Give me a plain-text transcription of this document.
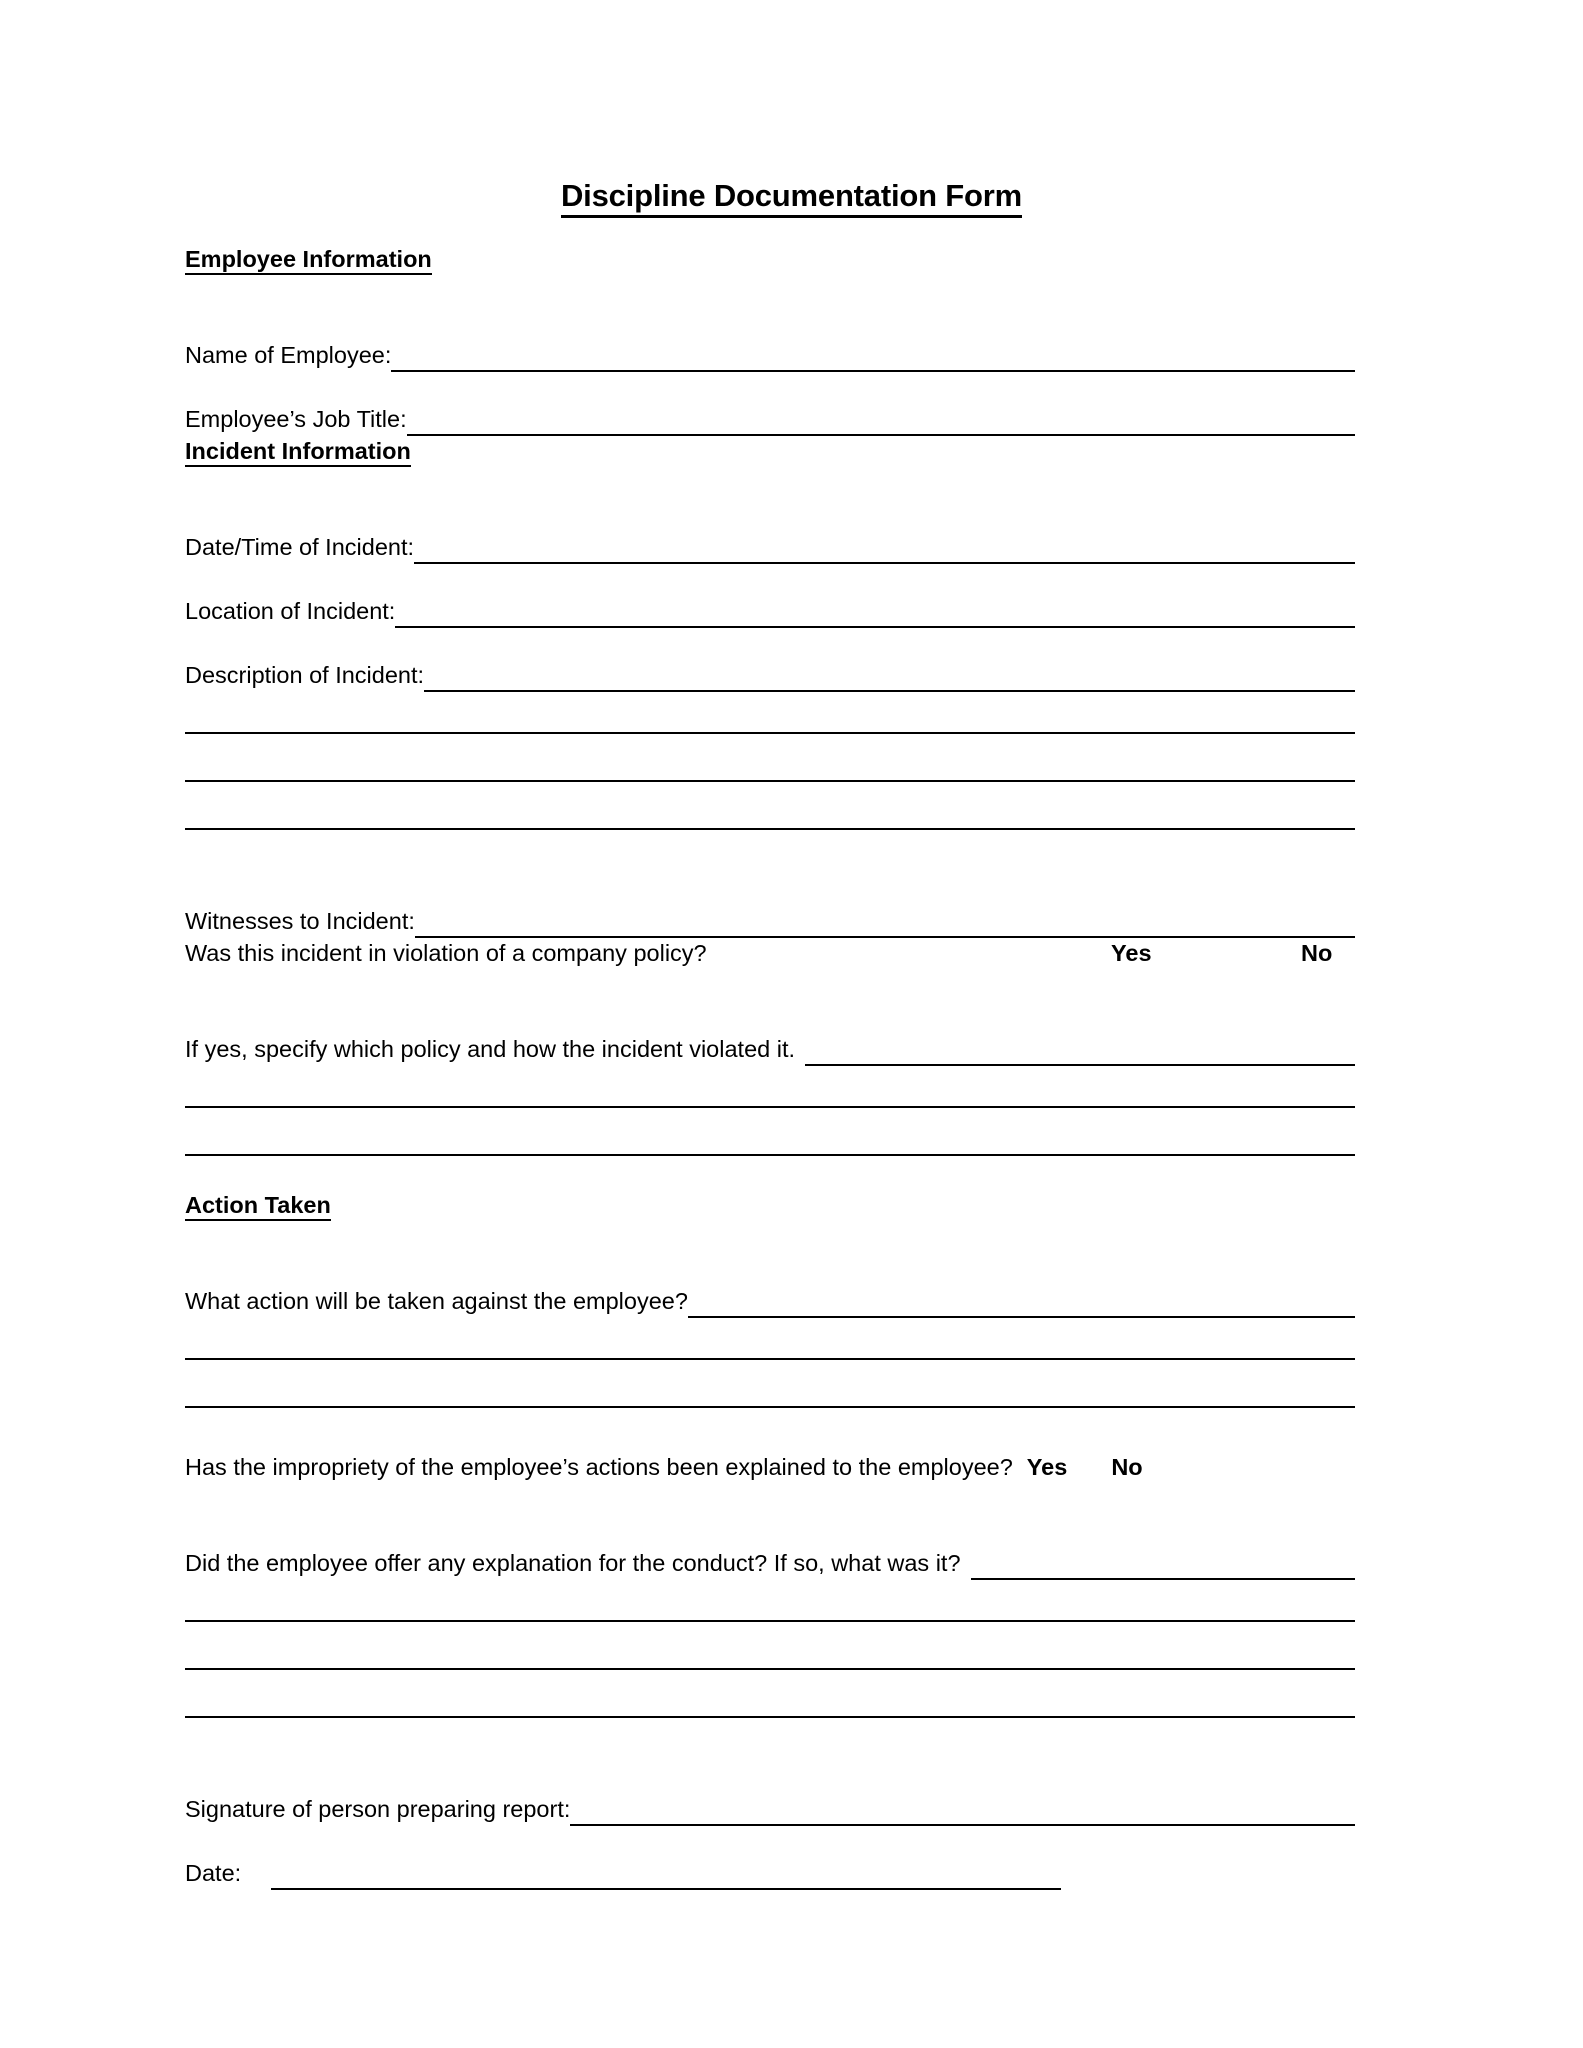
Discipline Documentation Form
Employee Information
Name of Employee:
Employee’s Job Title:
Incident Information
Date/Time of Incident:
Location of Incident:
Description of Incident:
Witnesses to Incident:
Was this incident in violation of a company policy?	Yes	No
If yes, specify which policy and how the incident violated it.
Action Taken
What action will be taken against the employee?
Has the impropriety of the employee’s actions been explained to the employee? Yes No
Did the employee offer any explanation for the conduct? If so, what was it?
Signature of person preparing report:
Date:
